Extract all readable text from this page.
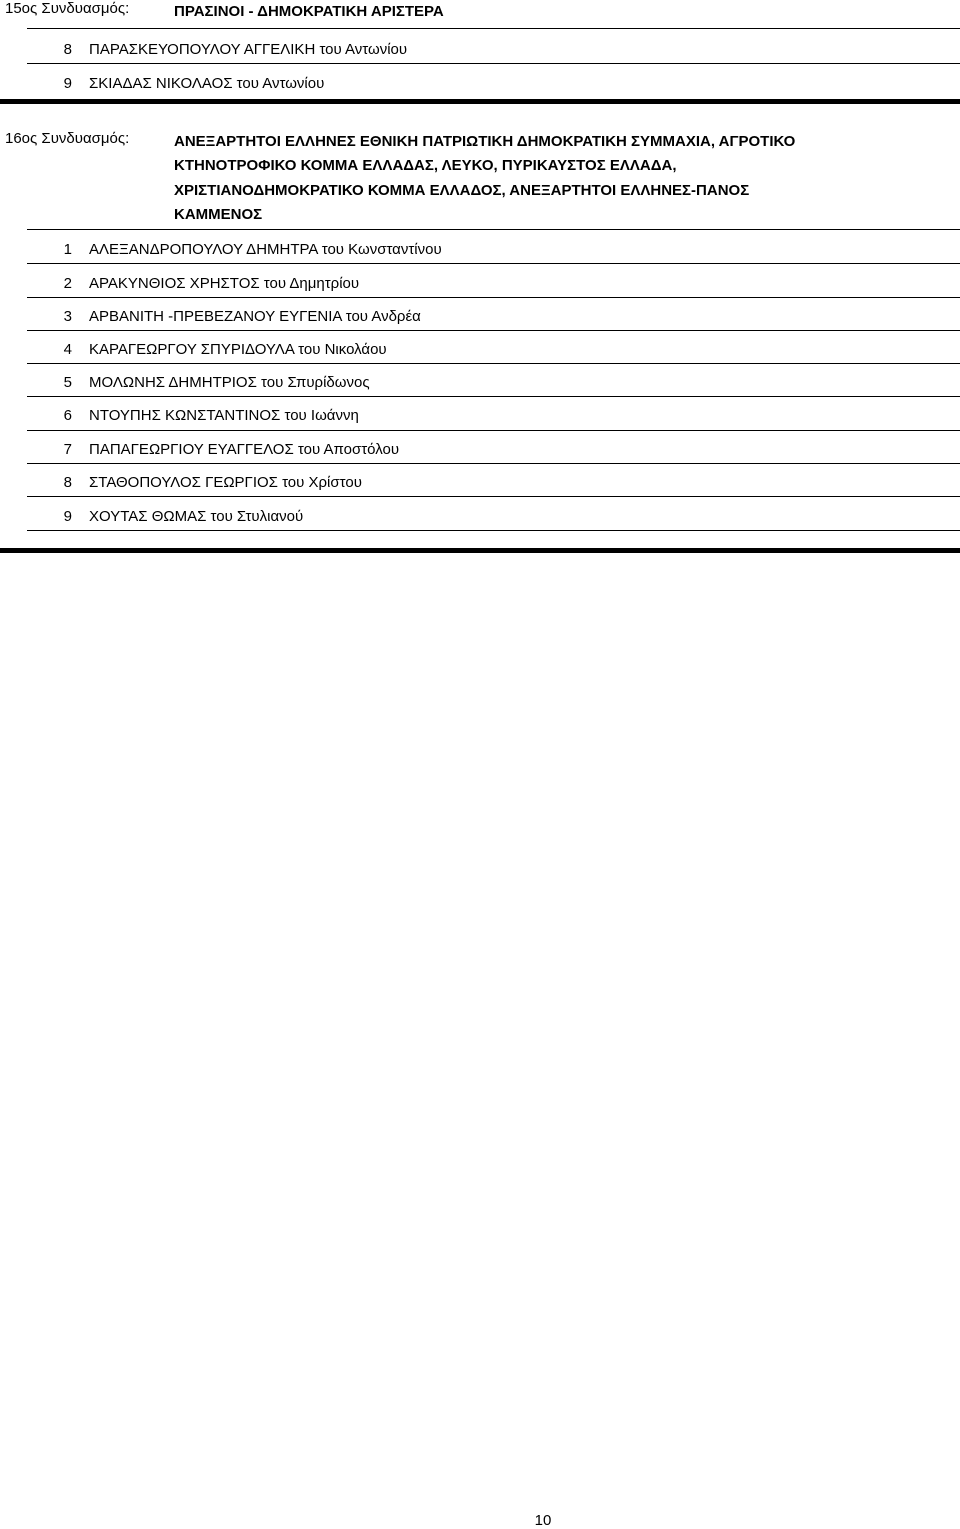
15ος Συνδυασμός:	ΠΡΑΣΙΝΟΙ - ΔΗΜΟΚΡΑΤΙΚΗ ΑΡΙΣΤΕΡΑ
8 ΠΑΡΑΣΚΕΥΟΠΟΥΛΟΥ ΑΓΓΕΛΙΚΗ του Αντωνίου
9 ΣΚΙΑΔΑΣ ΝΙΚΟΛΑΟΣ του Αντωνίου
16ος Συνδυασμός:	ΑΝΕΞΑΡΤΗΤΟΙ ΕΛΛΗΝΕΣ ΕΘΝΙΚΗ ΠΑΤΡΙΩΤΙΚΗ ΔΗΜΟΚΡΑΤΙΚΗ ΣΥΜΜΑΧΙΑ, ΑΓΡΟΤΙΚΟ
ΚΤΗΝΟΤΡΟΦΙΚΟ ΚΟΜΜΑ ΕΛΛΑΔΑΣ, ΛΕΥΚΟ, ΠΥΡΙΚΑΥΣΤΟΣ ΕΛΛΑΔΑ,
ΧΡΙΣΤΙΑΝΟΔΗΜΟΚΡΑΤΙΚΟ ΚΟΜΜΑ ΕΛΛΑΔΟΣ, ΑΝΕΞΑΡΤΗΤΟΙ ΕΛΛΗΝΕΣ-ΠΑΝΟΣ
ΚΑΜΜΕΝΟΣ
1 ΑΛΕΞΑΝΔΡΟΠΟΥΛΟΥ ΔΗΜΗΤΡΑ του Κωνσταντίνου
2 ΑΡΑΚΥΝΘΙΟΣ ΧΡΗΣΤΟΣ του Δημητρίου
3 ΑΡΒΑΝΙΤΗ -ΠΡΕΒΕΖΑΝΟΥ ΕΥΓΕΝΙΑ του Ανδρέα
4 ΚΑΡΑΓΕΩΡΓΟΥ ΣΠΥΡΙΔΟΥΛΑ του Νικολάου
5 ΜΟΛΩΝΗΣ ΔΗΜΗΤΡΙΟΣ του Σπυρίδωνος
6 ΝΤΟΥΠΗΣ ΚΩΝΣΤΑΝΤΙΝΟΣ του Ιωάννη
7 ΠΑΠΑΓΕΩΡΓΙΟΥ ΕΥΑΓΓΕΛΟΣ του Αποστόλου
8 ΣΤΑΘΟΠΟΥΛΟΣ ΓΕΩΡΓΙΟΣ του Χρίστου
9 ΧΟΥΤΑΣ ΘΩΜΑΣ του Στυλιανού
10
